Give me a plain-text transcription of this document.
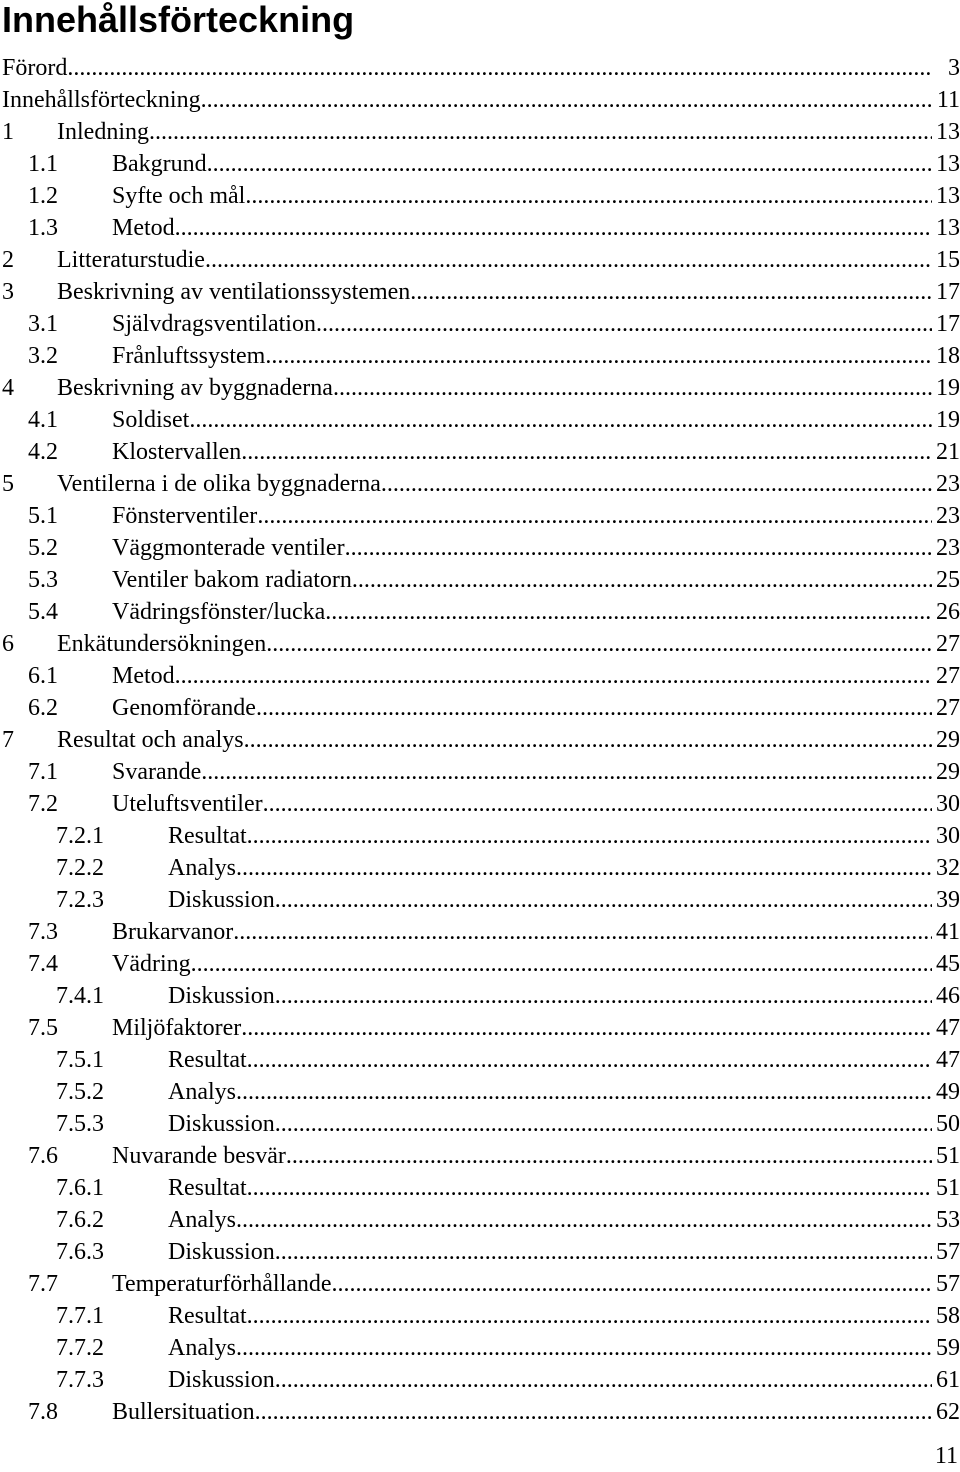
Innehållsförteckning
Förord .....	3
Innehållsförteckning .....	11
1 Inledning .....	13
1.1 Bakgrund .....	13
1.2 Syfte och mål .....	13
1.3 Metod .....	13
2 Litteraturstudie .....	15
3 Beskrivning av ventilationssystemen .....	17
3.1 Självdragsventilation .....	17
3.2 Frånluftssystem .....	18
4 Beskrivning av byggnaderna .....	19
4.1 Soldiset .....	19
4.2 Klostervallen .....	21
5 Ventilerna i de olika byggnaderna .....	23
5.1 Fönsterventiler .....	23
5.2 Väggmonterade ventiler .....	23
5.3 Ventiler bakom radiatorn .....	25
5.4 Vädringsfönster/lucka .....	26
6 Enkätundersökningen .....	27
6.1 Metod .....	27
6.2 Genomförande .....	27
7 Resultat och analys .....	29
7.1 Svarande .....	29
7.2 Uteluftsventiler .....	30
7.2.1	Resultat .....	30
7.2.2	Analys .....	32
7.2.3	Diskussion .....	39
7.3 Brukarvanor .....	41
7.4 Vädring .....	45
7.4.1	Diskussion .....	46
7.5 Miljöfaktorer .....	47
7.5.1	Resultat .....	47
7.5.2	Analys .....	49
7.5.3	Diskussion .....	50
7.6 Nuvarande besvär .....	51
7.6.1	Resultat .....	51
7.6.2	Analys .....	53
7.6.3	Diskussion .....	57
7.7 Temperaturförhållande .....	57
7.7.1	Resultat .....	58
7.7.2	Analys .....	59
7.7.3	Diskussion .....	61
7.8 Bullersituation .....	62
11
